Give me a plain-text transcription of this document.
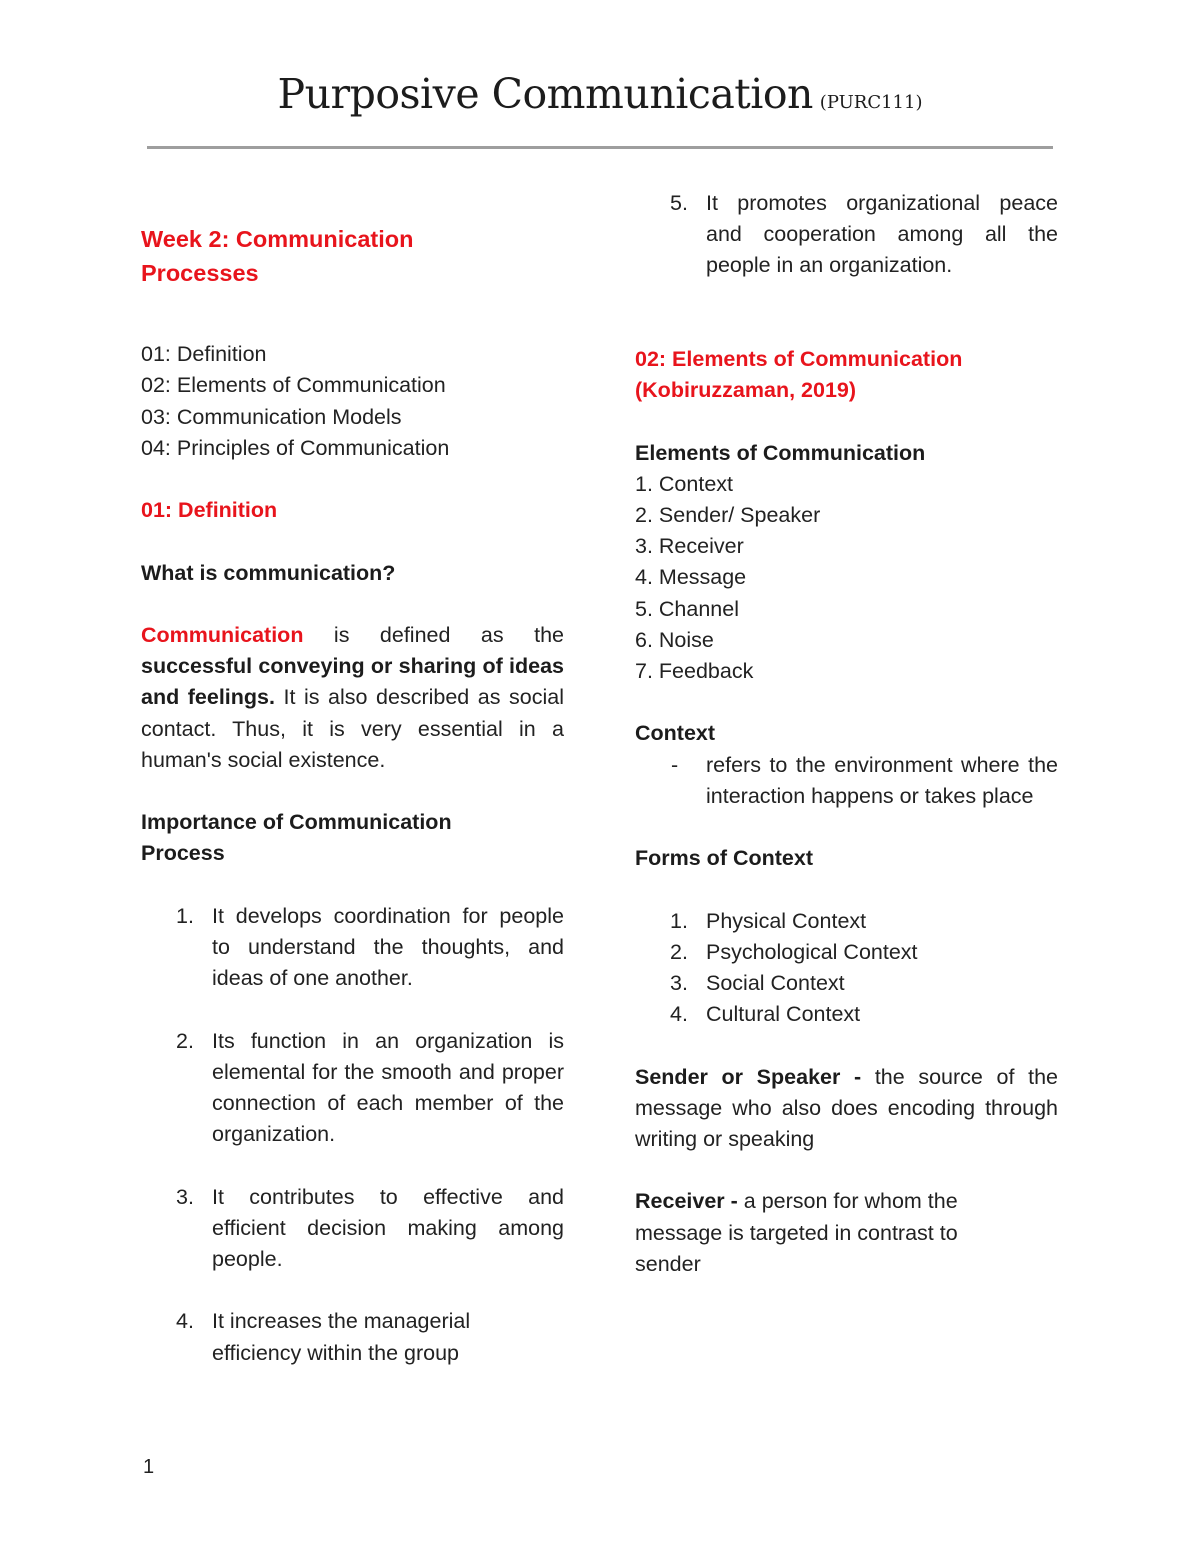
Purposive Communication (PURC111)

Week 2: Communication

Processes

01: Definition
02: Elements of Communication
03: Communication Models
04: Principles of Communication

01: Definition

What is communication?

Communication is defined as the successful conveying or sharing of ideas and feelings. It is also described as social contact. Thus, it is very essential in a human's social existence.

Importance of Communication

Process

1. It develops coordination for people to understand the thoughts, and ideas of one another.
2. Its function in an organization is elemental for the smooth and proper connection of each member of the organization.
3. It contributes to effective and efficient decision making among people.
4. It increases the managerial efficiency within the group
5. It promotes organizational peace and cooperation among all the people in an organization.

02: Elements of Communication

(Kobiruzzaman, 2019)

Elements of Communication

1. Context
2. Sender/ Speaker
3. Receiver
4. Message
5. Channel
6. Noise
7. Feedback

Context

- refers to the environment where the interaction happens or takes place

Forms of Context

1. Physical Context
2. Psychological Context
3. Social Context
4. Cultural Context

Sender or Speaker - the source of the message who also does encoding through writing or speaking

Receiver - a person for whom the message is targeted in contrast to sender

1
